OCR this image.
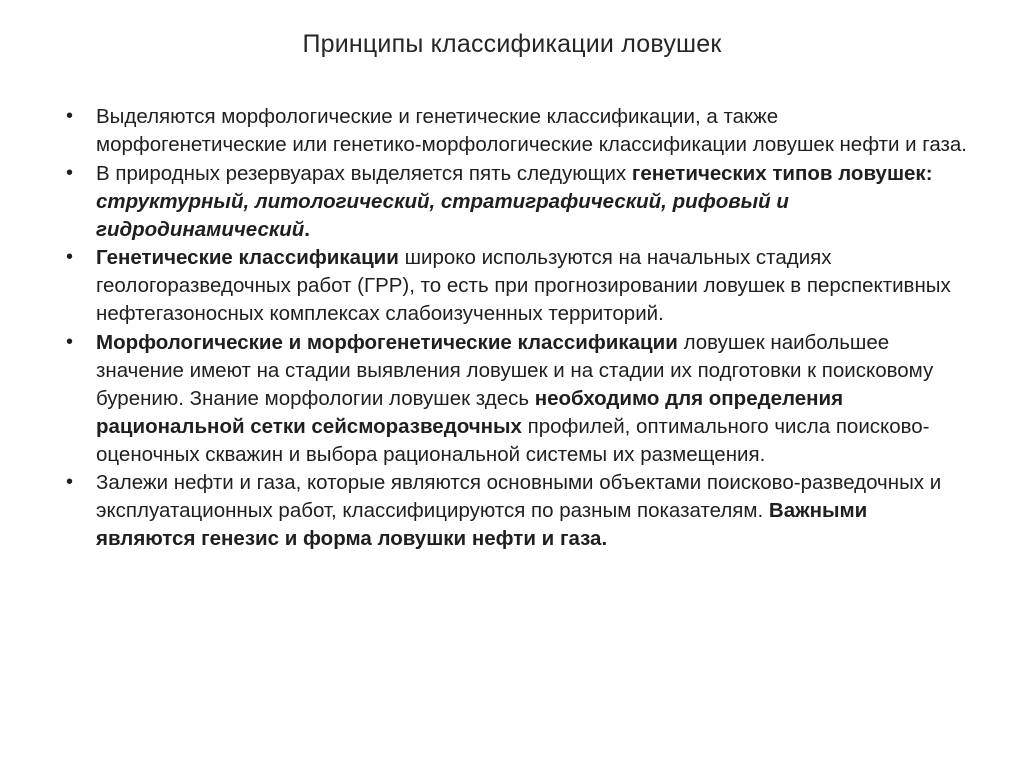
Принципы классификации ловушек
• Выделяются морфологические и генетические классификации, а также морфогенетические или генетико-морфологические классификации ловушек нефти и газа.
• В природных резервуарах выделяется пять следующих генетических типов ловушек: структурный, литологический, стратиграфический, рифовый и гидродинамический.
• Генетические классификации широко используются на начальных стадиях геологоразведочных работ (ГРР), то есть при прогнозировании ловушек в перспективных нефтегазоносных комплексах слабоизученных территорий.
• Морфологические и морфогенетические классификации ловушек наибольшее значение имеют на стадии выявления ловушек и на стадии их подготовки к поисковому бурению. Знание морфологии ловушек здесь необходимо для определения рациональной сетки сейсморазведочных профилей, оптимального числа поисково-оценочных скважин и выбора рациональной системы их размещения.
• Залежи нефти и газа, которые являются основными объектами поисково-разведочных и эксплуатационных работ, классифицируются по разным показателям. Важными являются генезис и форма ловушки нефти и газа.
